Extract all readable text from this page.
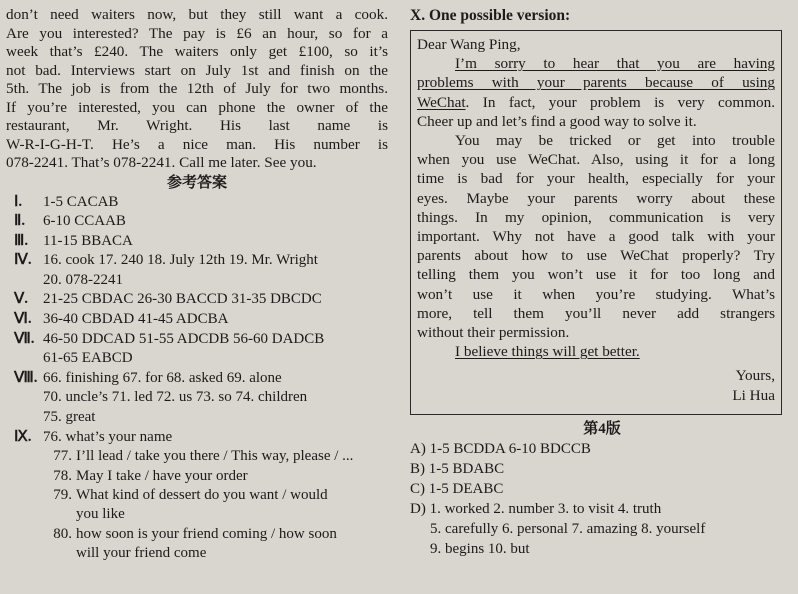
don’t need waiters now, but they still want a cook.
Are you interested? The pay is £6 an hour, so for a
week that’s £240. The waiters only get £100, so it’s
not bad. Interviews start on July 1st and finish on the
5th. The job is from the 12th of July for two months.
If you’re interested, you can phone the owner of the
restaurant, Mr. Wright. His last name is
W-R-I-G-H-T. He’s a nice man. His number is
078-2241. That’s 078-2241. Call me later. See you.
参考答案
Ⅰ.	1-5 CACAB
Ⅱ.	6-10 CCAAB
Ⅲ. 11-15 BBACA
Ⅳ. 16. cook 17. 240 18. July 12th 19. Mr. Wright
20. 078-2241
Ⅴ. 21-25 CBDAC 26-30 BACCD 31-35 DBCDC
Ⅵ. 36-40 CBDAD 41-45 ADCBA
Ⅶ. 46-50 DDCAD 51-55 ADCDB 56-60 DADCB
61-65 EABCD
Ⅷ. 66. finishing 67. for 68. asked 69. alone
70. uncle’s 71. led 72. us 73. so 74. children
75. great
Ⅸ. 76. what’s your name
77. I’ll lead / take you there / This way, please / ...
78. May I take / have your order
79. What kind of dessert do you want / would
you like
80. how soon is your friend coming / how soon
will your friend come
X. One possible version:
Dear Wang Ping,
I’m sorry to hear that you are having
problems with your parents because of using
WeChat. In fact, your problem is very common.
Cheer up and let’s find a good way to solve it.
You may be tricked or get into trouble
when you use WeChat. Also, using it for a long
time is bad for your health, especially for your
eyes. Maybe your parents worry about these
things. In my opinion, communication is very
important. Why not have a good talk with your
parents about how to use WeChat properly? Try
telling them you won’t use it for too long and
won’t use it when you’re studying. What’s
more, tell them you’ll never add strangers
without their permission.
I believe things will get better.
Yours,
Li Hua
第4版
A) 1-5 BCDDA 6-10 BDCCB
B) 1-5 BDABC
C) 1-5 DEABC
D) 1. worked 2. number 3. to visit 4. truth
5. carefully 6. personal 7. amazing 8. yourself
9. begins 10. but
